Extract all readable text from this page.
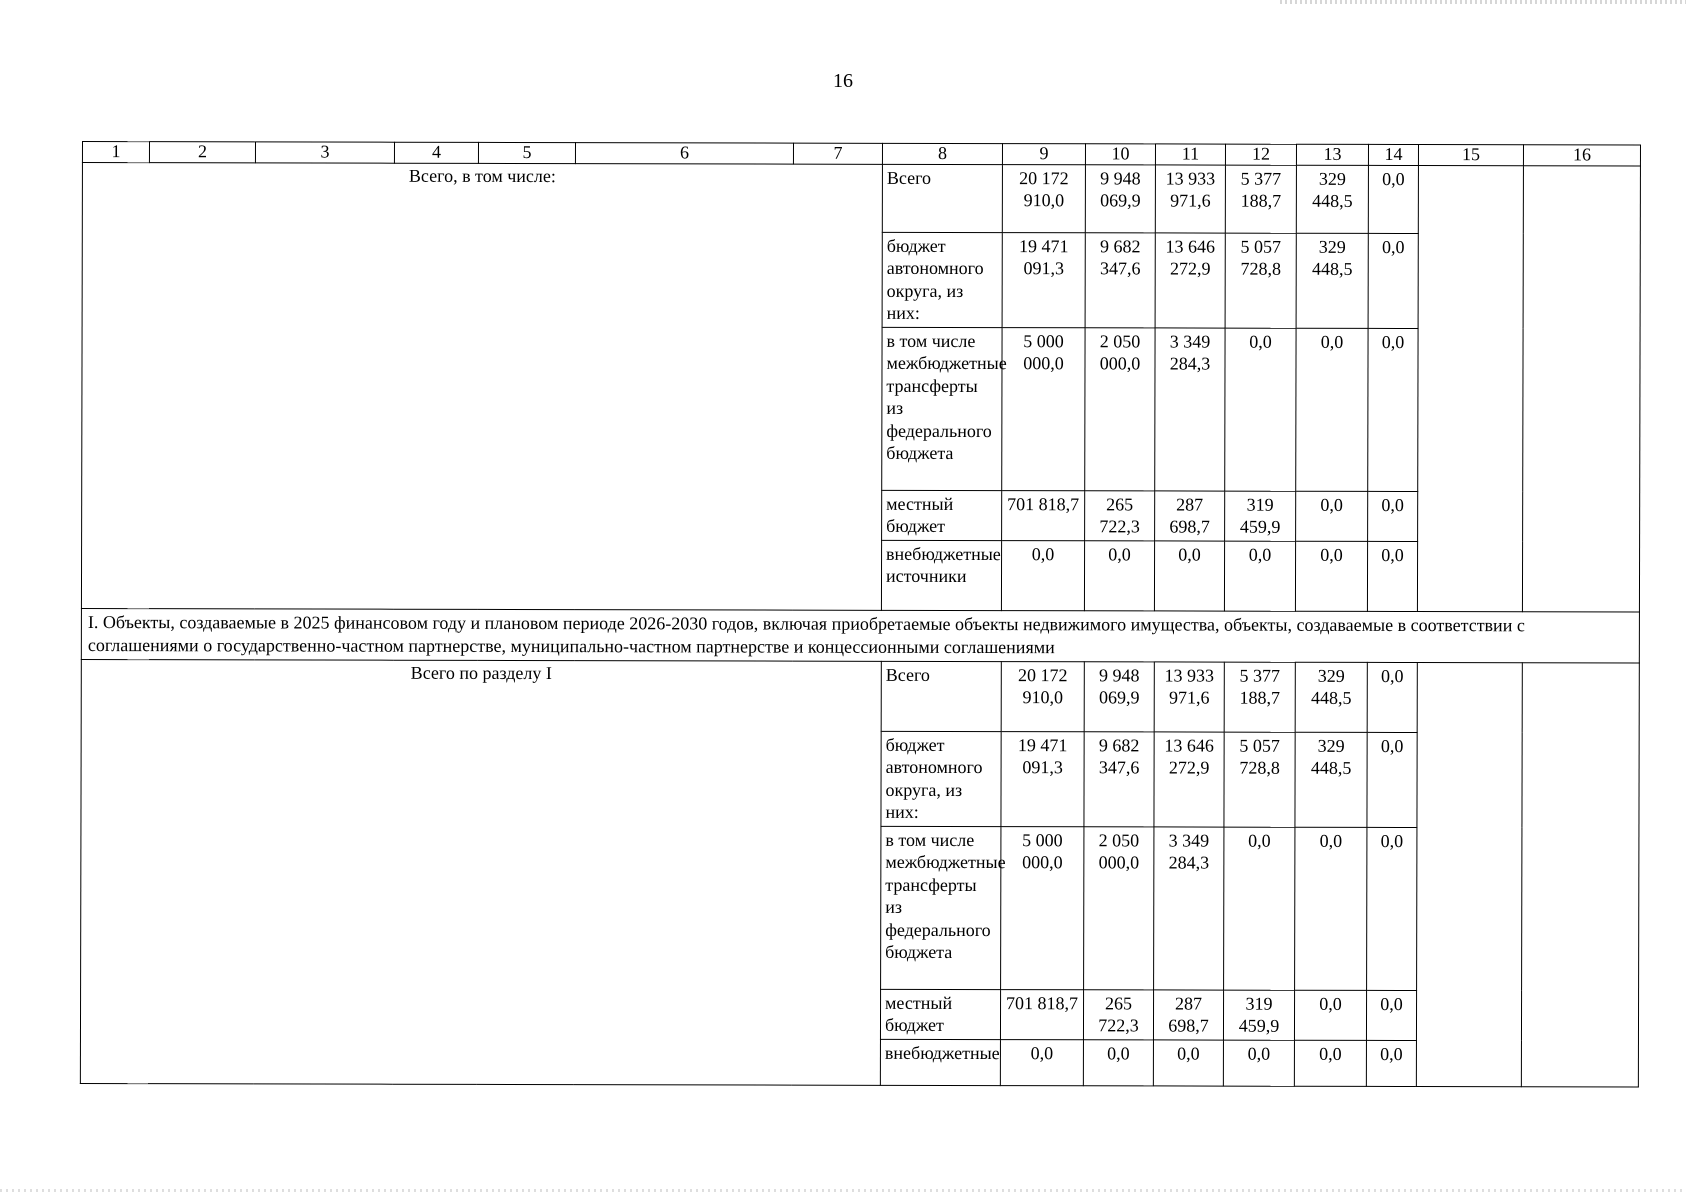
16
1	2	3	4	5	6	7	8	9	10	11	12	13	14	15	16
Всего, в том числе:							Всего	20 172 910,0	9 948 069,9	13 933 971,6	5 377 188,7	329 448,5	0,0		
							бюджет автономного округа, из них:	19 471 091,3	9 682 347,6	13 646 272,9	5 057 728,8	329 448,5	0,0		
							в том числе межбюджетные трансферты из федерального бюджета	5 000 000,0	2 050 000,0	3 349 284,3	0,0	0,0	0,0		
							местный бюджет	701 818,7	265 722,3	287 698,7	319 459,9	0,0	0,0		
							внебюджетные источники	0,0	0,0	0,0	0,0	0,0	0,0		
I. Объекты, создаваемые в 2025 финансовом году и плановом периоде 2026-2030 годов, включая приобретаемые объекты недвижимого имущества, объекты, создаваемые в соответствии с соглашениями о государственно-частном партнерстве, муниципально-частном партнерстве и концессионными соглашениями															
Всего по разделу I							Всего	20 172 910,0	9 948 069,9	13 933 971,6	5 377 188,7	329 448,5	0,0		
							бюджет автономного округа, из них:	19 471 091,3	9 682 347,6	13 646 272,9	5 057 728,8	329 448,5	0,0		
							в том числе межбюджетные трансферты из федерального бюджета	5 000 000,0	2 050 000,0	3 349 284,3	0,0	0,0	0,0		
							местный бюджет	701 818,7	265 722,3	287 698,7	319 459,9	0,0	0,0		
							внебюджетные	0,0	0,0	0,0	0,0	0,0	0,0		
